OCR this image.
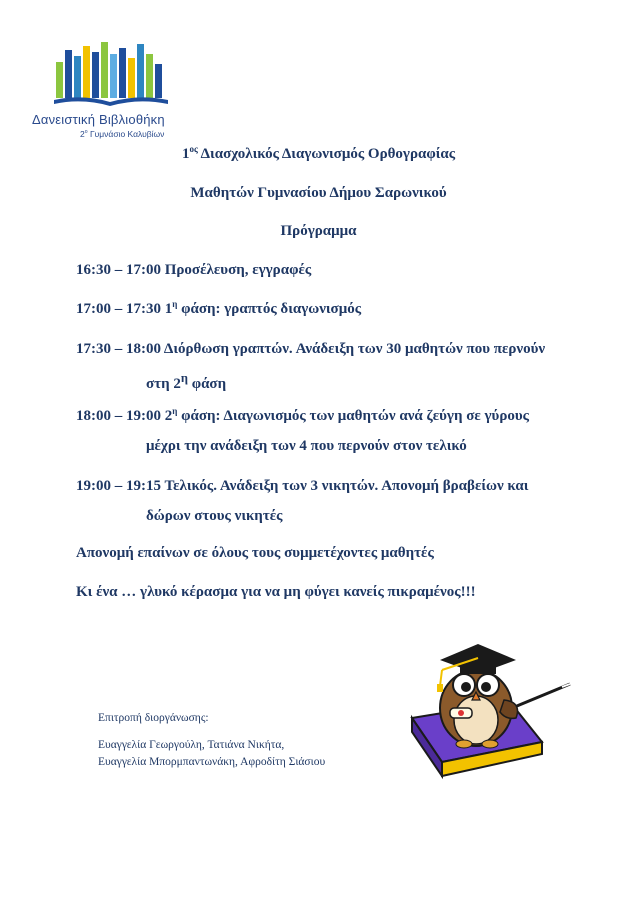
Δανειστική Βιβλιοθήκη
$2^o$ Γυμνάσιο Καλυβίων
$1^{o\varsigma}$ Διασχολικός Διαγωνισμός Ορθογραφίας
Μαθητών Γυμνασίου Δήμου Σαρωνικού
Πρόγραμμα
16:30 – 17:00 Προσέλευση, εγγραφές
17:00 – 17:30 $1^\eta$ φάση: γραπτός διαγωνισμός
17:30 – 18:00 Διόρθωση γραπτών. Ανάδειξη των 30 μαθητών που περνούν
στη $2^\eta$ φάση
18:00 – 19:00 $2^\eta$ φάση: Διαγωνισμός των μαθητών ανά ζεύγη σε γύρους
μέχρι την ανάδειξη των 4 που περνούν στον τελικό
19:00 – 19:15 Τελικός. Ανάδειξη των 3 νικητών. Απονομή βραβείων και
δώρων στους νικητές
Απονομή επαίνων σε όλους τους συμμετέχοντες μαθητές
Κι ένα … γλυκό κέρασμα για να μη φύγει κανείς πικραμένος!!!
Επιτροπή διοργάνωσης:
Ευαγγελία Γεωργούλη, Τατιάνα Νικήτα,
Ευαγγελία Μπορμπαντωνάκη, Αφροδίτη Σιάσιου
